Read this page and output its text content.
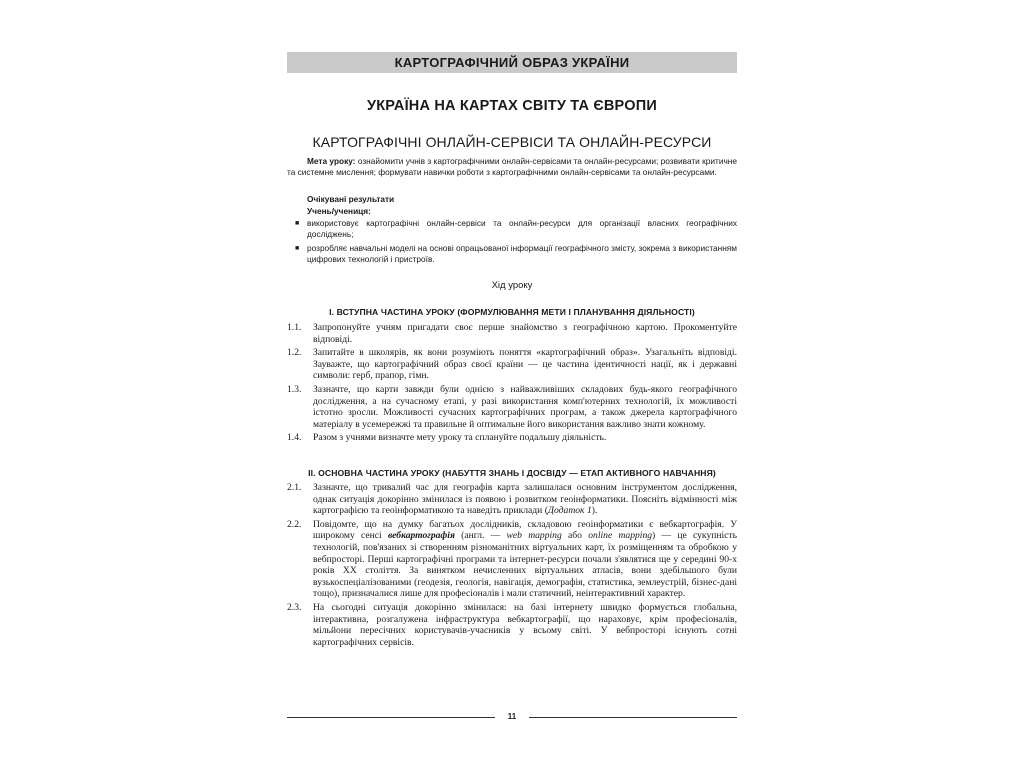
КАРТОГРАФІЧНИЙ ОБРАЗ УКРАЇНИ
УКРАЇНА НА КАРТАХ СВІТУ ТА ЄВРОПИ
КАРТОГРАФІЧНІ ОНЛАЙН-СЕРВІСИ ТА ОНЛАЙН-РЕСУРСИ
Мета уроку: ознайомити учнів з картографічними онлайн-сервісами та онлайн-ресурсами; розвивати критичне та системне мислення; формувати навички роботи з картографічними онлайн-сервісами та онлайн-ресурсами.
Очікувані результати
Учень/учениця:
■ використовує картографічні онлайн-сервіси та онлайн-ресурси для організації власних географічних досліджень;
■ розробляє навчальні моделі на основі опрацьованої інформації географічного змісту, зокрема з використанням цифрових технологій і пристроїв.
Хід уроку
І. ВСТУПНА ЧАСТИНА УРОКУ (ФОРМУЛЮВАННЯ МЕТИ І ПЛАНУВАННЯ ДІЯЛЬНОСТІ)
1.1. Запропонуйте учням пригадати своє перше знайомство з географічною картою. Прокоментуйте відповіді.
1.2. Запитайте в школярів, як вони розуміють поняття «картографічний образ». Узагальніть відповіді. Зауважте, що картографічний образ своєї країни — це частина ідентичності нації, як і державні символи: герб, прапор, гімн.
1.3. Зазначте, що карти завжди були однією з найважливіших складових будь-якого географічного дослідження, а на сучасному етапі, у разі використання комп'ютерних технологій, їх можливості істотно зросли. Можливості сучасних картографічних програм, а також джерела картографічного матеріалу в усемережжі та правильне й оптимальне його використання важливо знати кожному.
1.4. Разом з учнями визначте мету уроку та сплануйте подальшу діяльність.
ІІ. ОСНОВНА ЧАСТИНА УРОКУ (НАБУТТЯ ЗНАНЬ І ДОСВІДУ — ЕТАП АКТИВНОГО НАВЧАННЯ)
2.1. Зазначте, що тривалий час для географів карта залишалася основним інструментом дослідження, однак ситуація докорінно змінилася із появою і розвитком геоінформатики. Поясніть відмінності між картографією та геоінформатикою та наведіть приклади (Додаток 1).
2.2. Повідомте, що на думку багатьох дослідників, складовою геоінформатики є вебкартографія. У широкому сенсі вебкартографія (англ. — web mapping або online mapping) — це сукупність технологій, пов'язаних зі створенням різноманітних віртуальних карт, їх розміщенням та обробкою у вебпросторі. Перші картографічні програми та інтернет-ресурси почали з'являтися ще у середині 90-х років XX століття. За винятком нечисленних віртуальних атласів, вони здебільшого були вузькоспеціалізованими (геодезія, геологія, навігація, демографія, статистика, землеустрій, бізнес-дані тощо), призначалися лише для професіоналів і мали статичний, неінтерактивний характер.
2.3. На сьогодні ситуація докорінно змінилася: на базі інтернету швидко формується глобальна, інтерактивна, розгалужена інфраструктура вебкартографії, що нараховує, крім професіоналів, мільйони пересічних користувачів-учасників у всьому світі. У вебпросторі існують сотні картографічних сервісів.
11
